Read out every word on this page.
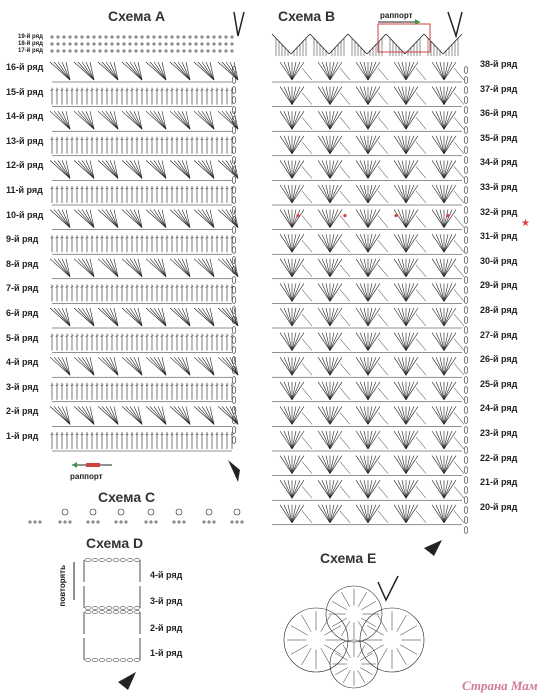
Схема А
19-й ряд
18-й ряд
17-й ряд
16-й ряд
15-й ряд
14-й ряд
13-й ряд
12-й ряд
11-й ряд
10-й ряд
9-й ряд
8-й ряд
7-й ряд
6-й ряд
5-й ряд
4-й ряд
3-й ряд
2-й ряд
1-й ряд
раппорт
Схема В	раппорт
38-й ряд
37-й ряд
36-й ряд
35-й ряд
34-й ряд
33-й ряд
32-й ряд
31-й ряд
30-й ряд
29-й ряд
28-й ряд
27-й ряд
26-й ряд
25-й ряд
24-й ряд
23-й ряд
22-й ряд
21-й ряд
20-й ряд
★
Схема С
Схема D
повторять	4-й ряд
3-й ряд
2-й ряд
1-й ряд
Схема Е
Страна Мам
